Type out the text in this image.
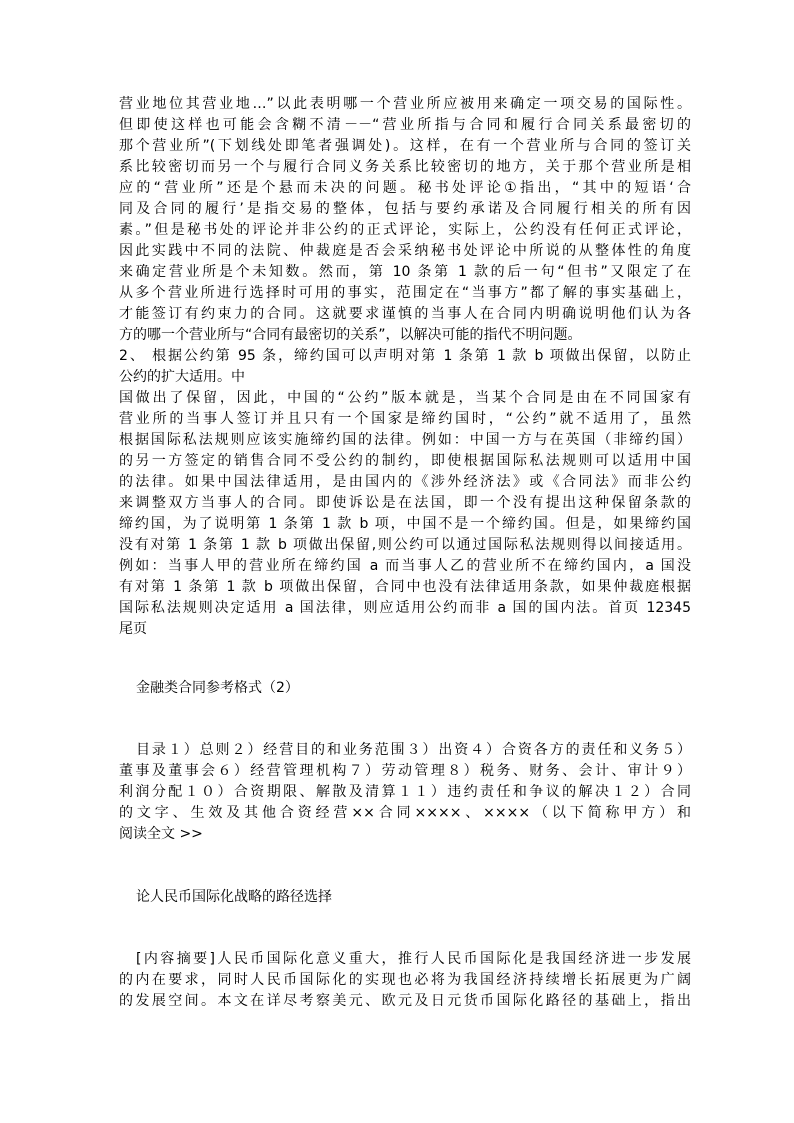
营业地位其营业地…”以此表明哪一个营业所应被用来确定一项交易的国际性。
但即使这样也可能会含糊不清－－“营业所指与合同和履行合同关系最密切的
那个营业所”(下划线处即笔者强调处)。这样，在有一个营业所与合同的签订关
系比较密切而另一个与履行合同义务关系比较密切的地方，关于那个营业所是相
应的“营业所”还是个悬而未决的问题。秘书处评论①指出，“其中的短语‘合
同及合同的履行’是指交易的整体，包括与要约承诺及合同履行相关的所有因
素。”但是秘书处的评论并非公约的正式评论，实际上，公约没有任何正式评论，
因此实践中不同的法院、仲裁庭是否会采纳秘书处评论中所说的从整体性的角度
来确定营业所是个未知数。然而，第 10 条第 1 款的后一句“但书”又限定了在
从多个营业所进行选择时可用的事实，范围定在“当事方”都了解的事实基础上，
才能签订有约束力的合同。这就要求谨慎的当事人在合同内明确说明他们认为各
方的哪一个营业所与“合同有最密切的关系”，以解决可能的指代不明问题。
2、 根据公约第 95 条，缔约国可以声明对第 1 条第 1 款 b 项做出保留，以防止
公约的扩大适用。中
国做出了保留，因此，中国的“公约”版本就是，当某个合同是由在不同国家有
营业所的当事人签订并且只有一个国家是缔约国时，“公约”就不适用了，虽然
根据国际私法规则应该实施缔约国的法律。例如：中国一方与在英国（非缔约国）
的另一方签定的销售合同不受公约的制约，即使根据国际私法规则可以适用中国
的法律。如果中国法律适用，是由国内的《涉外经济法》或《合同法》而非公约
来调整双方当事人的合同。即使诉讼是在法国，即一个没有提出这种保留条款的
缔约国，为了说明第 1 条第 1 款 b 项，中国不是一个缔约国。但是，如果缔约国
没有对第 1 条第 1 款 b 项做出保留,则公约可以通过国际私法规则得以间接适用。
例如：当事人甲的营业所在缔约国 a 而当事人乙的营业所不在缔约国内，a 国没
有对第 1 条第 1 款 b 项做出保留，合同中也没有法律适用条款，如果仲裁庭根据
国际私法规则决定适用 a 国法律，则应适用公约而非 a 国的国内法。首页 12345
尾页
金融类合同参考格式（2）
目录１）总则２）经营目的和业务范围３）出资４）合资各方的责任和义务５）
董事及董事会６）经营管理机构７）劳动管理８）税务、财务、会计、审计９）
利润分配１０）合资期限、解散及清算１１）违约责任和争议的解决１２）合同
的文字、生效及其他合资经营××合同××××、××××（以下简称甲方）和
阅读全文 >>
论人民币国际化战略的路径选择
[内容摘要]人民币国际化意义重大，推行人民币国际化是我国经济进一步发展
的内在要求，同时人民币国际化的实现也必将为我国经济持续增长拓展更为广阔
的发展空间。本文在详尽考察美元、欧元及日元货币国际化路径的基础上，指出
